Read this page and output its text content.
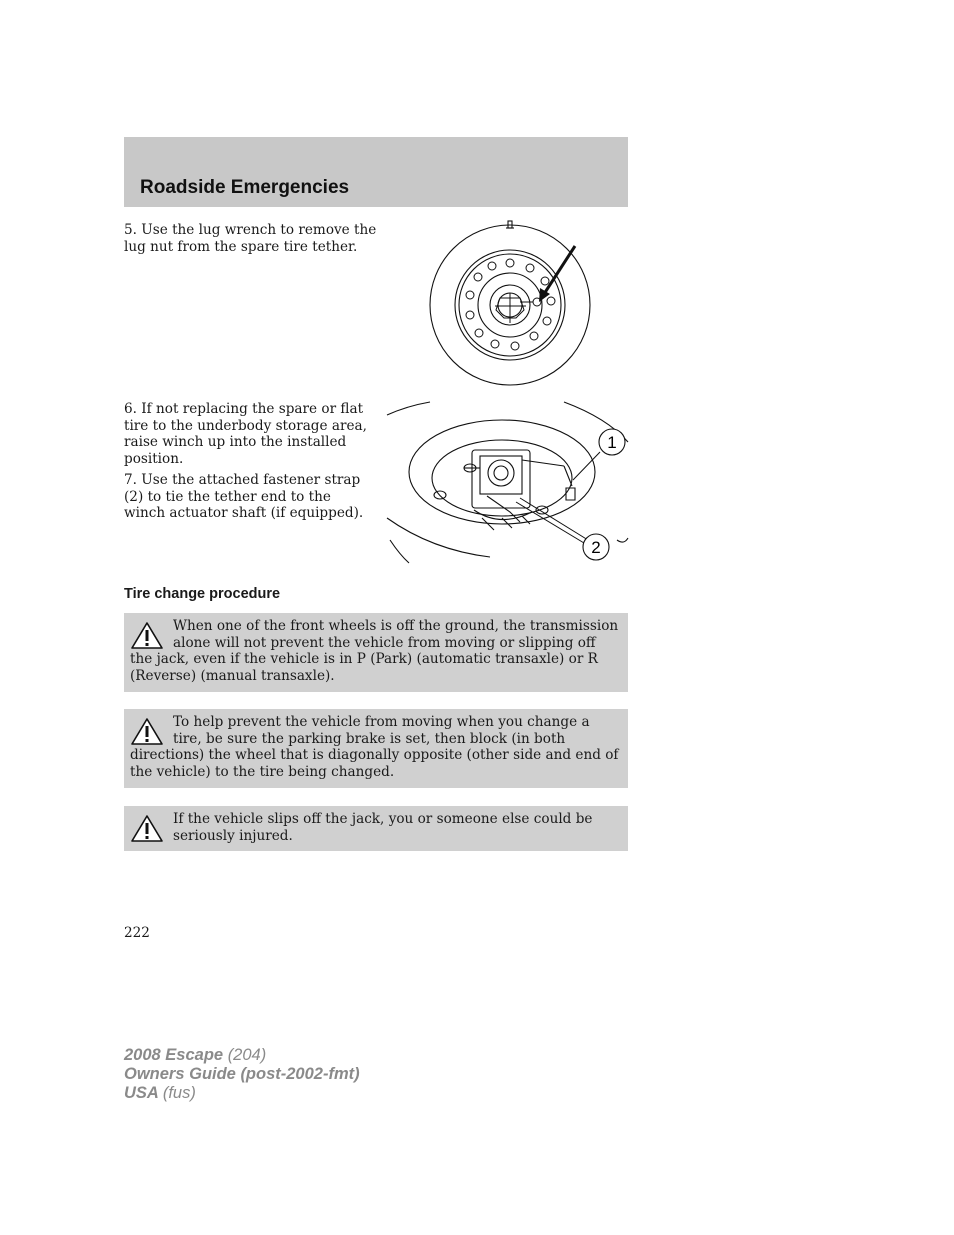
Roadside Emergencies

5. Use the lug wrench to remove the lug nut from the spare tire tether.

6. If not replacing the spare or flat tire to the underbody storage area, raise winch up into the installed position.

7. Use the attached fastener strap (2) to tie the tether end to the winch actuator shaft (if equipped).

1
2
Tire change procedure
When one of the front wheels is off the ground, the transmission alone will not prevent the vehicle from moving or slipping off the jack, even if the vehicle is in P (Park) (automatic transaxle) or R (Reverse) (manual transaxle).
To help prevent the vehicle from moving when you change a tire, be sure the parking brake is set, then block (in both directions) the wheel that is diagonally opposite (other side and end of the vehicle) to the tire being changed.
If the vehicle slips off the jack, you or someone else could be seriously injured.

222

2008 Escape (204)
Owners Guide (post-2002-fmt)
USA (fus)
